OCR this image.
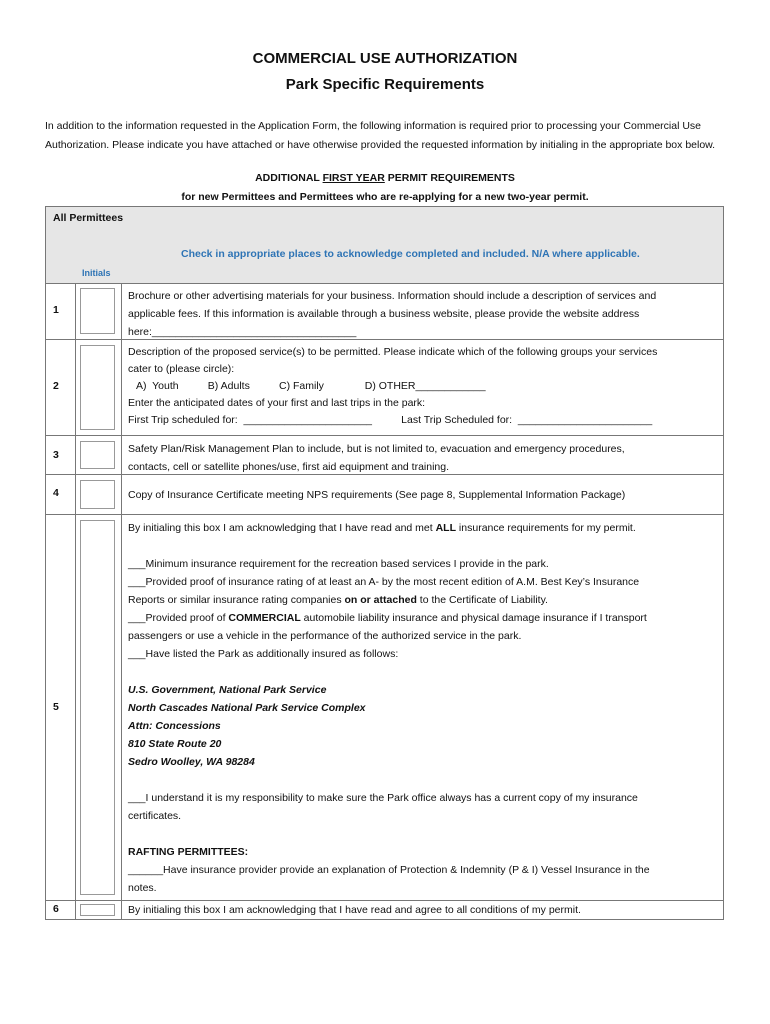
COMMERCIAL USE AUTHORIZATION
Park Specific Requirements
In addition to the information requested in the Application Form, the following information is required prior to processing your Commercial Use Authorization. Please indicate you have attached or have otherwise provided the requested information by initialing in the appropriate box below.
ADDITIONAL FIRST YEAR PERMIT REQUIREMENTS
for new Permittees and Permittees who are re-applying for a new two-year permit.
All Permittees
Check in appropriate places to acknowledge completed and included. N/A where applicable.
Initials
1

Brochure or other advertising materials for your business. Information should include a description of services and

applicable fees. If this information is available through a business website, please provide the website address

here:___________________________________

2

Description of the proposed service(s) to be permitted. Please indicate which of the following groups your services

cater to (please circle):

A)  Youth          B) Adults          C) Family              D) OTHER____________

Enter the anticipated dates of your first and last trips in the park:

First Trip scheduled for:  ______________________          Last Trip Scheduled for:  _______________________

3	Safety Plan/Risk Management Plan to include, but is not limited to, evacuation and emergency procedures,

contacts, cell or satellite phones/use, first aid equipment and training.

4	Copy of Insurance Certificate meeting NPS requirements (See page 8, Supplemental Information Package)

5

By initialing this box I am acknowledging that I have read and met ALL insurance requirements for my permit.

___Minimum insurance requirement for the recreation based services I provide in the park.

___Provided proof of insurance rating of at least an A- by the most recent edition of A.M. Best Key’s Insurance

Reports or similar insurance rating companies on or attached to the Certificate of Liability.

___Provided proof of COMMERCIAL automobile liability insurance and physical damage insurance if I transport

passengers or use a vehicle in the performance of the authorized service in the park.

___Have listed the Park as additionally insured as follows:

U.S. Government, National Park Service

North Cascades National Park Service Complex

Attn: Concessions

810 State Route 20

Sedro Woolley, WA 98284

___I understand it is my responsibility to make sure the Park office always has a current copy of my insurance

certificates.

RAFTING PERMITTEES:

______Have insurance provider provide an explanation of Protection & Indemnity (P & I) Vessel Insurance in the

notes.

6	By initialing this box I am acknowledging that I have read and agree to all conditions of my permit.
